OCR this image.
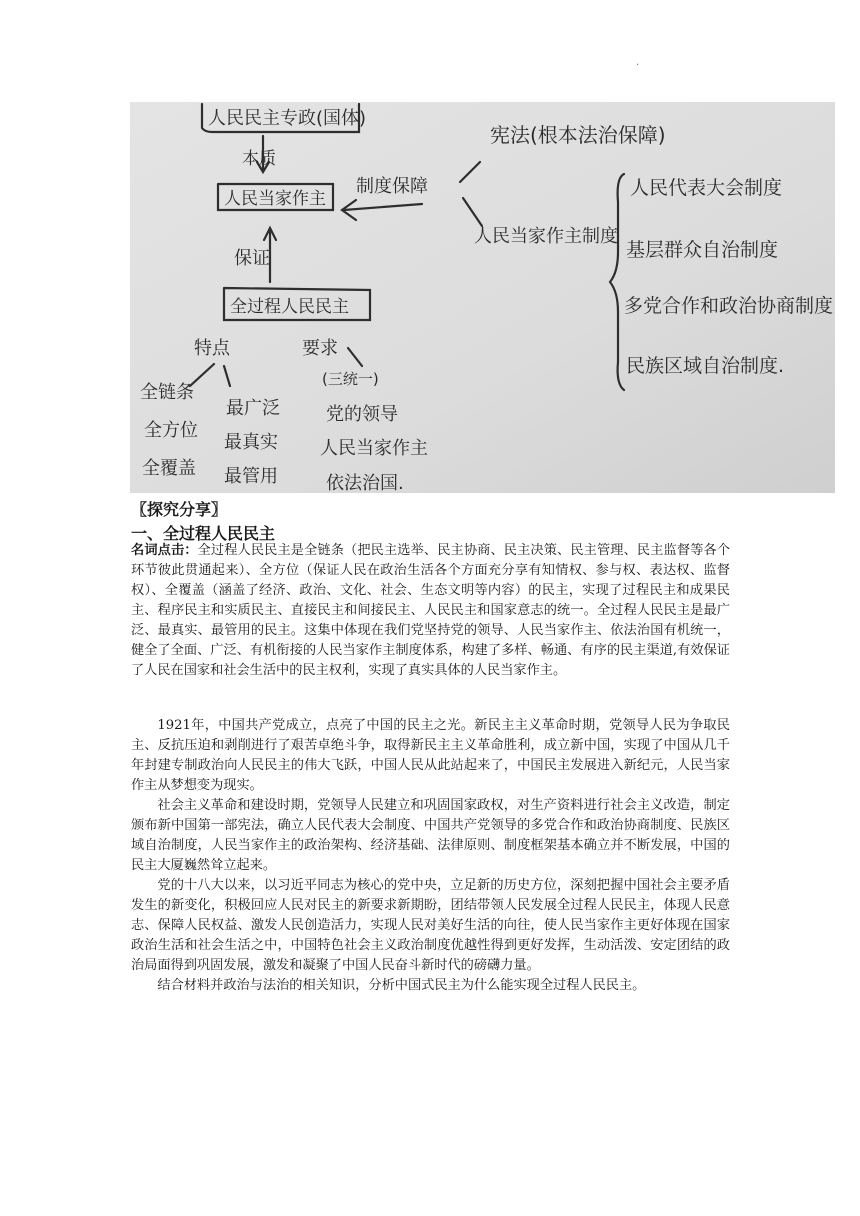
·
人民民主专政(国体)
本质
人民当家作主
保证
全过程人民民主
制度保障
宪法(根本法治保障)
人民当家作主制度
人民代表大会制度
基层群众自治制度
多党合作和政治协商制度
民族区域自治制度.
特点
全链条
全方位
全覆盖
最广泛
最真实
最管用
要求
(三统一)
党的领导
人民当家作主
依法治国.
〖探究分享〗
一、全过程人民民主

名词点击：全过程人民民主是全链条（把民主选举、民主协商、民主决策、民主管理、民主监督等各个环节彼此贯通起来）、全方位（保证人民在政治生活各个方面充分享有知情权、参与权、表达权、监督权）、全覆盖（涵盖了经济、政治、文化、社会、生态文明等内容）的民主，实现了过程民主和成果民主、程序民主和实质民主、直接民主和间接民主、人民民主和国家意志的统一。全过程人民民主是最广泛、最真实、最管用的民主。这集中体现在我们党坚持党的领导、人民当家作主、依法治国有机统一，健全了全面、广泛、有机衔接的人民当家作主制度体系，构建了多样、畅通、有序的民主渠道,有效保证了人民在国家和社会生活中的民主权利，实现了真实具体的人民当家作主。

1921年，中国共产党成立，点亮了中国的民主之光。新民主主义革命时期，党领导人民为争取民主、反抗压迫和剥削进行了艰苦卓绝斗争，取得新民主主义革命胜利，成立新中国，实现了中国从几千年封建专制政治向人民民主的伟大飞跃，中国人民从此站起来了，中国民主发展进入新纪元，人民当家作主从梦想变为现实。

社会主义革命和建设时期，党领导人民建立和巩固国家政权，对生产资料进行社会主义改造，制定颁布新中国第一部宪法，确立人民代表大会制度、中国共产党领导的多党合作和政治协商制度、民族区域自治制度，人民当家作主的政治架构、经济基础、法律原则、制度框架基本确立并不断发展，中国的民主大厦巍然耸立起来。

党的十八大以来，以习近平同志为核心的党中央，立足新的历史方位，深刻把握中国社会主要矛盾发生的新变化，积极回应人民对民主的新要求新期盼，团结带领人民发展全过程人民民主，体现人民意志、保障人民权益、激发人民创造活力，实现人民对美好生活的向往，使人民当家作主更好体现在国家政治生活和社会生活之中，中国特色社会主义政治制度优越性得到更好发挥，生动活泼、安定团结的政治局面得到巩固发展，激发和凝聚了中国人民奋斗新时代的磅礴力量。

结合材料并政治与法治的相关知识，分析中国式民主为什么能实现全过程人民民主。
